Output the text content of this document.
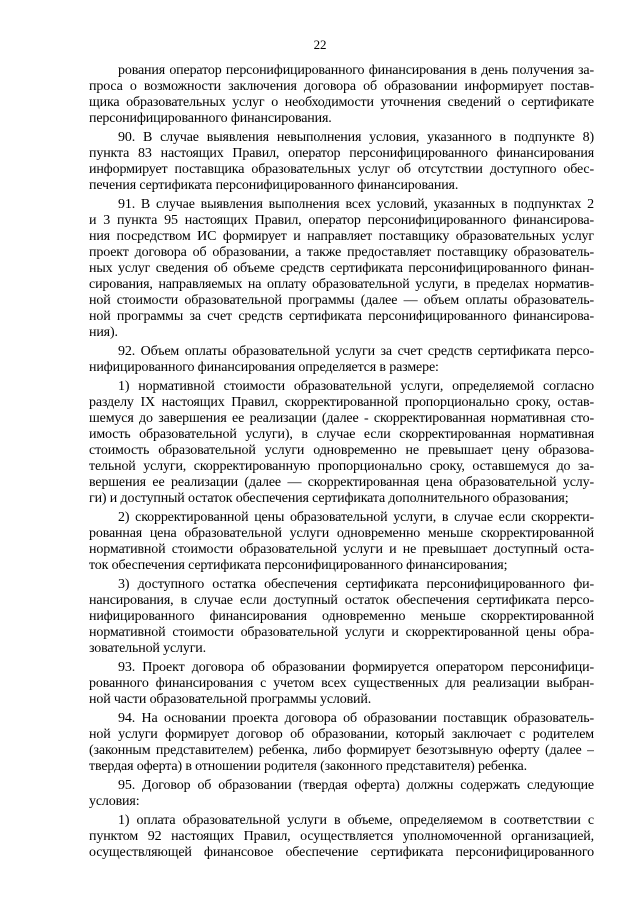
22
рования оператор персонифицированного финансирования в день получения за-
проса о возможности заключения договора об образовании информирует постав-
щика образовательных услуг о необходимости уточнения сведений о сертификате
персонифицированного финансирования.
90. В случае выявления невыполнения условия, указанного в подпункте 8)
пункта 83 настоящих Правил, оператор персонифицированного финансирования
информирует поставщика образовательных услуг об отсутствии доступного обес-
печения сертификата персонифицированного финансирования.
91. В случае выявления выполнения всех условий, указанных в подпунктах 2
и 3 пункта 95 настоящих Правил, оператор персонифицированного финансирова-
ния посредством ИС формирует и направляет поставщику образовательных услуг
проект договора об образовании, а также предоставляет поставщику образователь-
ных услуг сведения об объеме средств сертификата персонифицированного финан-
сирования, направляемых на оплату образовательной услуги, в пределах норматив-
ной стоимости образовательной программы (далее — объем оплаты образователь-
ной программы за счет средств сертификата персонифицированного финансирова-
ния).
92. Объем оплаты образовательной услуги за счет средств сертификата персо-
нифицированного финансирования определяется в размере:
1) нормативной стоимости образовательной услуги, определяемой согласно
разделу IX настоящих Правил, скорректированной пропорционально сроку, остав-
шемуся до завершения ее реализации (далее - скорректированная нормативная сто-
имость образовательной услуги), в случае если скорректированная нормативная
стоимость образовательной услуги одновременно не превышает цену образова-
тельной услуги, скорректированную пропорционально сроку, оставшемуся до за-
вершения ее реализации (далее — скорректированная цена образовательной услу-
ги) и доступный остаток обеспечения сертификата дополнительного образования;
2) скорректированной цены образовательной услуги, в случае если скорректи-
рованная цена образовательной услуги одновременно меньше скорректированной
нормативной стоимости образовательной услуги и не превышает доступный оста-
ток обеспечения сертификата персонифицированного финансирования;
3) доступного остатка обеспечения сертификата персонифицированного фи-
нансирования, в случае если доступный остаток обеспечения сертификата персо-
нифицированного финансирования одновременно меньше скорректированной
нормативной стоимости образовательной услуги и скорректированной цены обра-
зовательной услуги.
93. Проект договора об образовании формируется оператором персонифици-
рованного финансирования с учетом всех существенных для реализации выбран-
ной части образовательной программы условий.
94. На основании проекта договора об образовании поставщик образователь-
ной услуги формирует договор об образовании, который заключает с родителем
(законным представителем) ребенка, либо формирует безотзывную оферту (далее –
твердая оферта) в отношении родителя (законного представителя) ребенка.
95. Договор об образовании (твердая оферта) должны содержать следующие
условия:
1) оплата образовательной услуги в объеме, определяемом в соответствии с
пунктом 92 настоящих Правил, осуществляется уполномоченной организацией,
осуществляющей финансовое обеспечение сертификата персонифицированного
